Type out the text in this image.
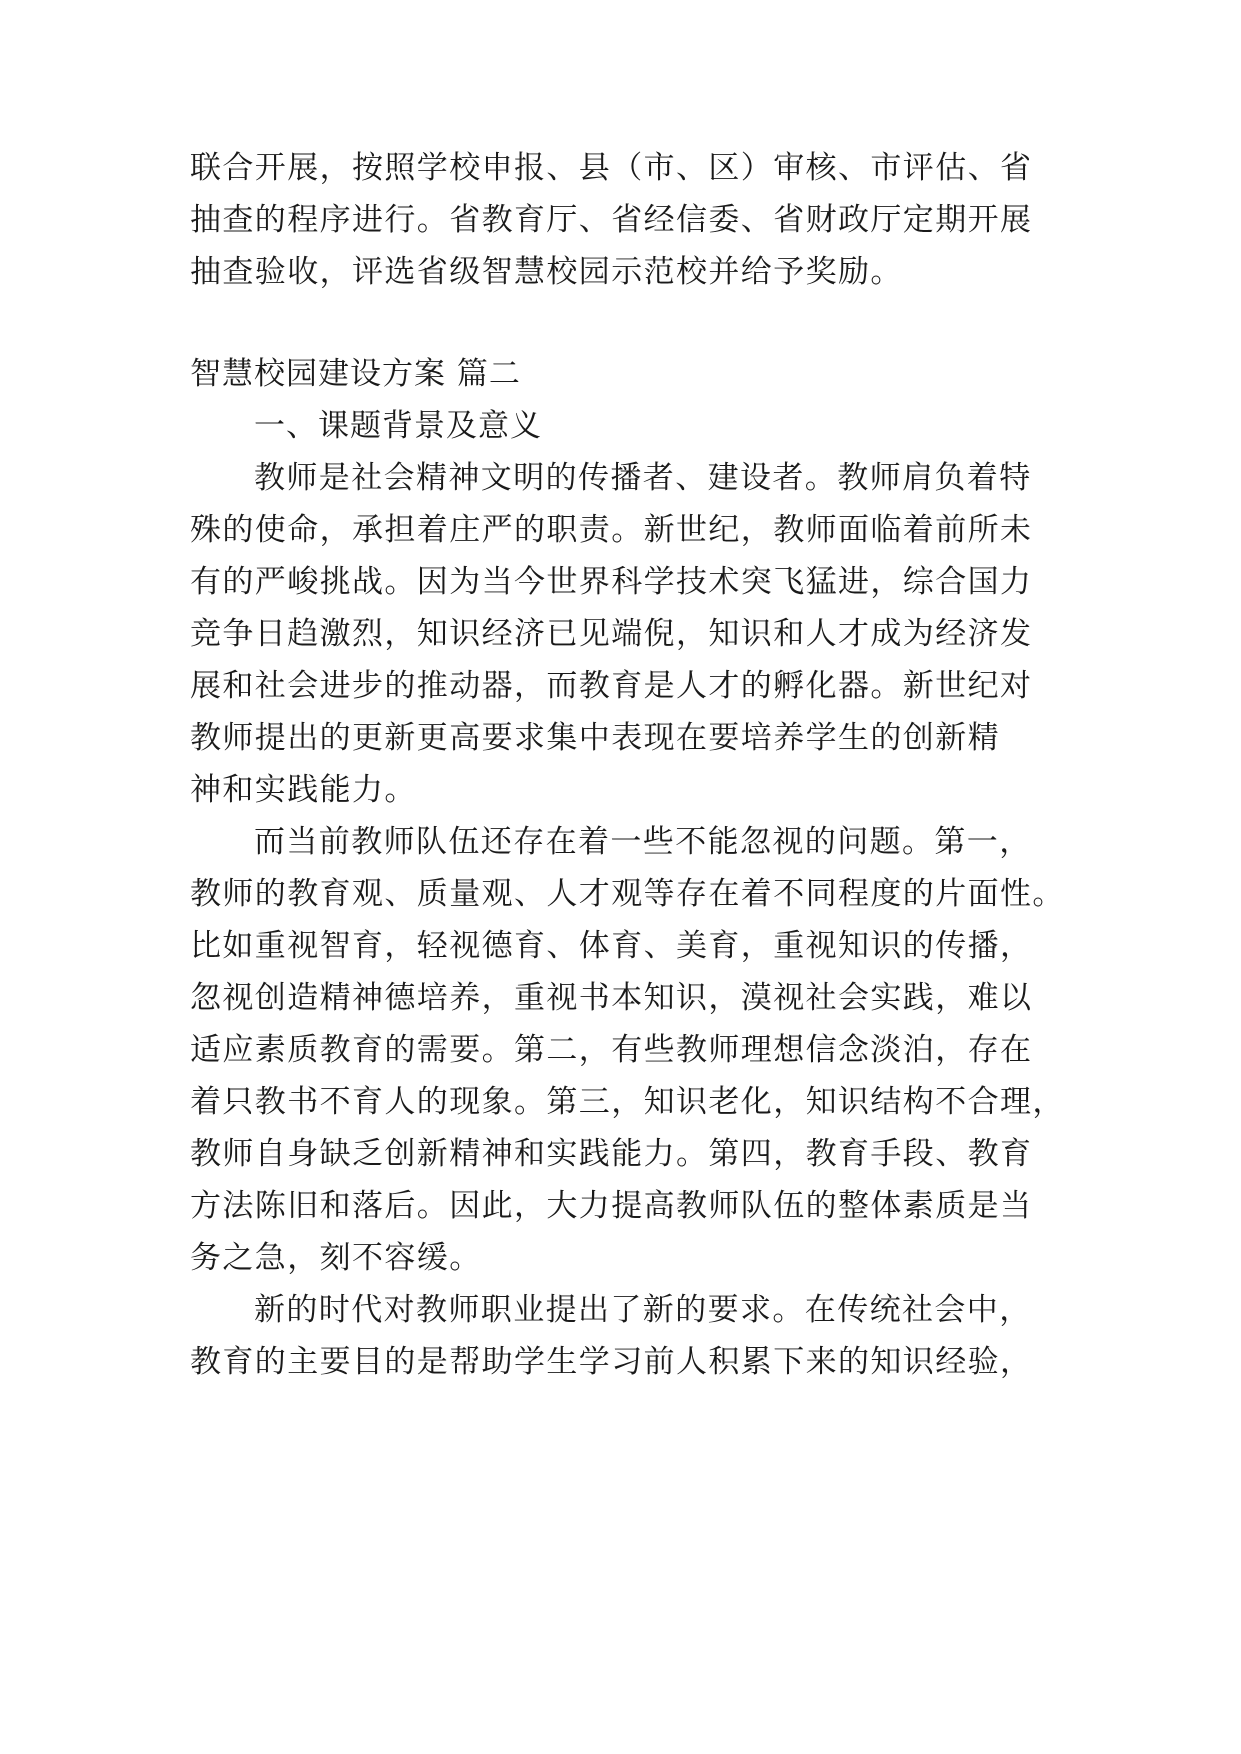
联合开展，按照学校申报、县（市、区）审核、市评估、省
抽查的程序进行。省教育厅、省经信委、省财政厅定期开展
抽查验收，评选省级智慧校园示范校并给予奖励。
智慧校园建设方案 篇二
一、课题背景及意义
教师是社会精神文明的传播者、建设者。教师肩负着特
殊的使命，承担着庄严的职责。新世纪，教师面临着前所未
有的严峻挑战。因为当今世界科学技术突飞猛进，综合国力
竞争日趋激烈，知识经济已见端倪，知识和人才成为经济发
展和社会进步的推动器，而教育是人才的孵化器。新世纪对
教师提出的更新更高要求集中表现在要培养学生的创新精
神和实践能力。
而当前教师队伍还存在着一些不能忽视的问题。第一，
教师的教育观、质量观、人才观等存在着不同程度的片面性。
比如重视智育，轻视德育、体育、美育，重视知识的传播，
忽视创造精神德培养，重视书本知识，漠视社会实践，难以
适应素质教育的需要。第二，有些教师理想信念淡泊，存在
着只教书不育人的现象。第三，知识老化，知识结构不合理，
教师自身缺乏创新精神和实践能力。第四，教育手段、教育
方法陈旧和落后。因此，大力提高教师队伍的整体素质是当
务之急，刻不容缓。
新的时代对教师职业提出了新的要求。在传统社会中，
教育的主要目的是帮助学生学习前人积累下来的知识经验，
